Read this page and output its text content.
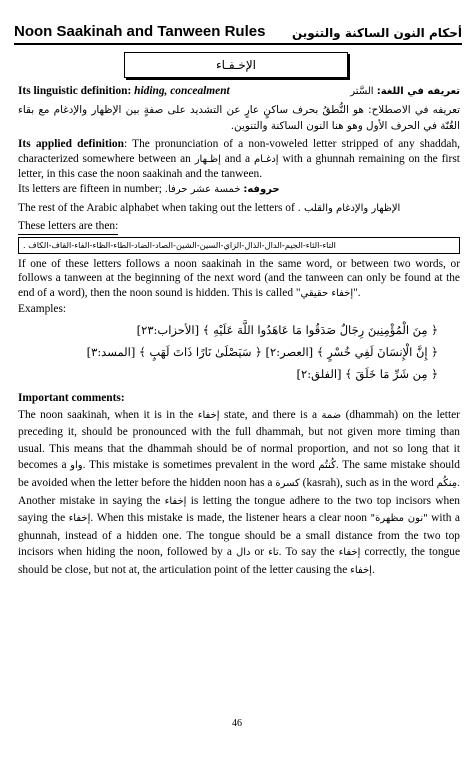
Noon Saakinah and Tanween Rules أحكام النون الساكنة والتنوين
الإخـفـاء
Its linguistic definition: hiding, concealment	تعريفه في اللغة: السَّتر

تعريفه في الاصطلاح: هو النُّطقُ بحرف ساكنٍ عارٍ عن التشديد على صفةٍ بين الإظهار والإدغام مع بقاء الغُنّة في الحرف الأول وهو هنا النون الساكنة والتنوين.

Its applied definition: The pronunciation of a non-voweled letter stripped of any shaddah, characterized somewhere between an إظـهار and a إدغـام with a ghunnah remaining on the first letter, in this case the noon saakinah and the tanween.

Its letters are fifteen in number;	حروفه: خمسة عشر حرفا.

The rest of the Arabic alphabet when taking out the letters of الإظهار والإدغام والقلب .

These letters are then:

التاء-الثاء-الجيم-الدال-الذال-الزاي-السين-الشين-الصاد-الضاد-الطاء-الظاء-الفاء-القاف-الكاف .

If one of these letters follows a noon saakinah in the same word, or between two words, or follows a tanween at the beginning of the next word (and the tanween can only be found at the end of a word), then the noon sound is hidden. This is called "إخفاء حقيقي".

Examples:

﴿ مِنَ الْمُؤْمِنِينَ رِجَالٌ صَدَقُوا مَا عَاهَدُوا اللَّهَ عَلَيْهِ ﴾ [الأحزاب:٢٣]

﴿ إِنَّ الْإِنسَانَ لَفِي خُسْرٍ ﴾ [العصر:٢] ﴿ سَيَصْلَىٰ نَارًا ذَاتَ لَهَبٍ ﴾ [المسد:٣]

﴿ مِن شَرِّ مَا خَلَقَ ﴾ [الفلق:٢]

Important comments:

The noon saakinah, when it is in the إخفاء state, and there is a ضمة (dhammah) on the letter preceding it, should be pronounced with the full dhammah, but not given more timing than usual. This means that the dhammah should be of normal proportion, and not so long that it becomes a واو. This mistake is sometimes prevalent in the word كُنتُم. The same mistake should be avoided when the letter before the hidden noon has a كسرة (kasrah), such as in the word مِنكُم. Another mistake in saying the إخفاء is letting the tongue adhere to the two top incisors when saying the إخفاء. When this mistake is made, the listener hears a clear noon "نون مظهرة" with a ghunnah, instead of a hidden one. The tongue should be a small distance from the two top incisors when hiding the noon, followed by a دال or تاء. To say the إخفاء correctly, the tongue should be close, but not at, the articulation point of the letter causing the إخفاء.

46
